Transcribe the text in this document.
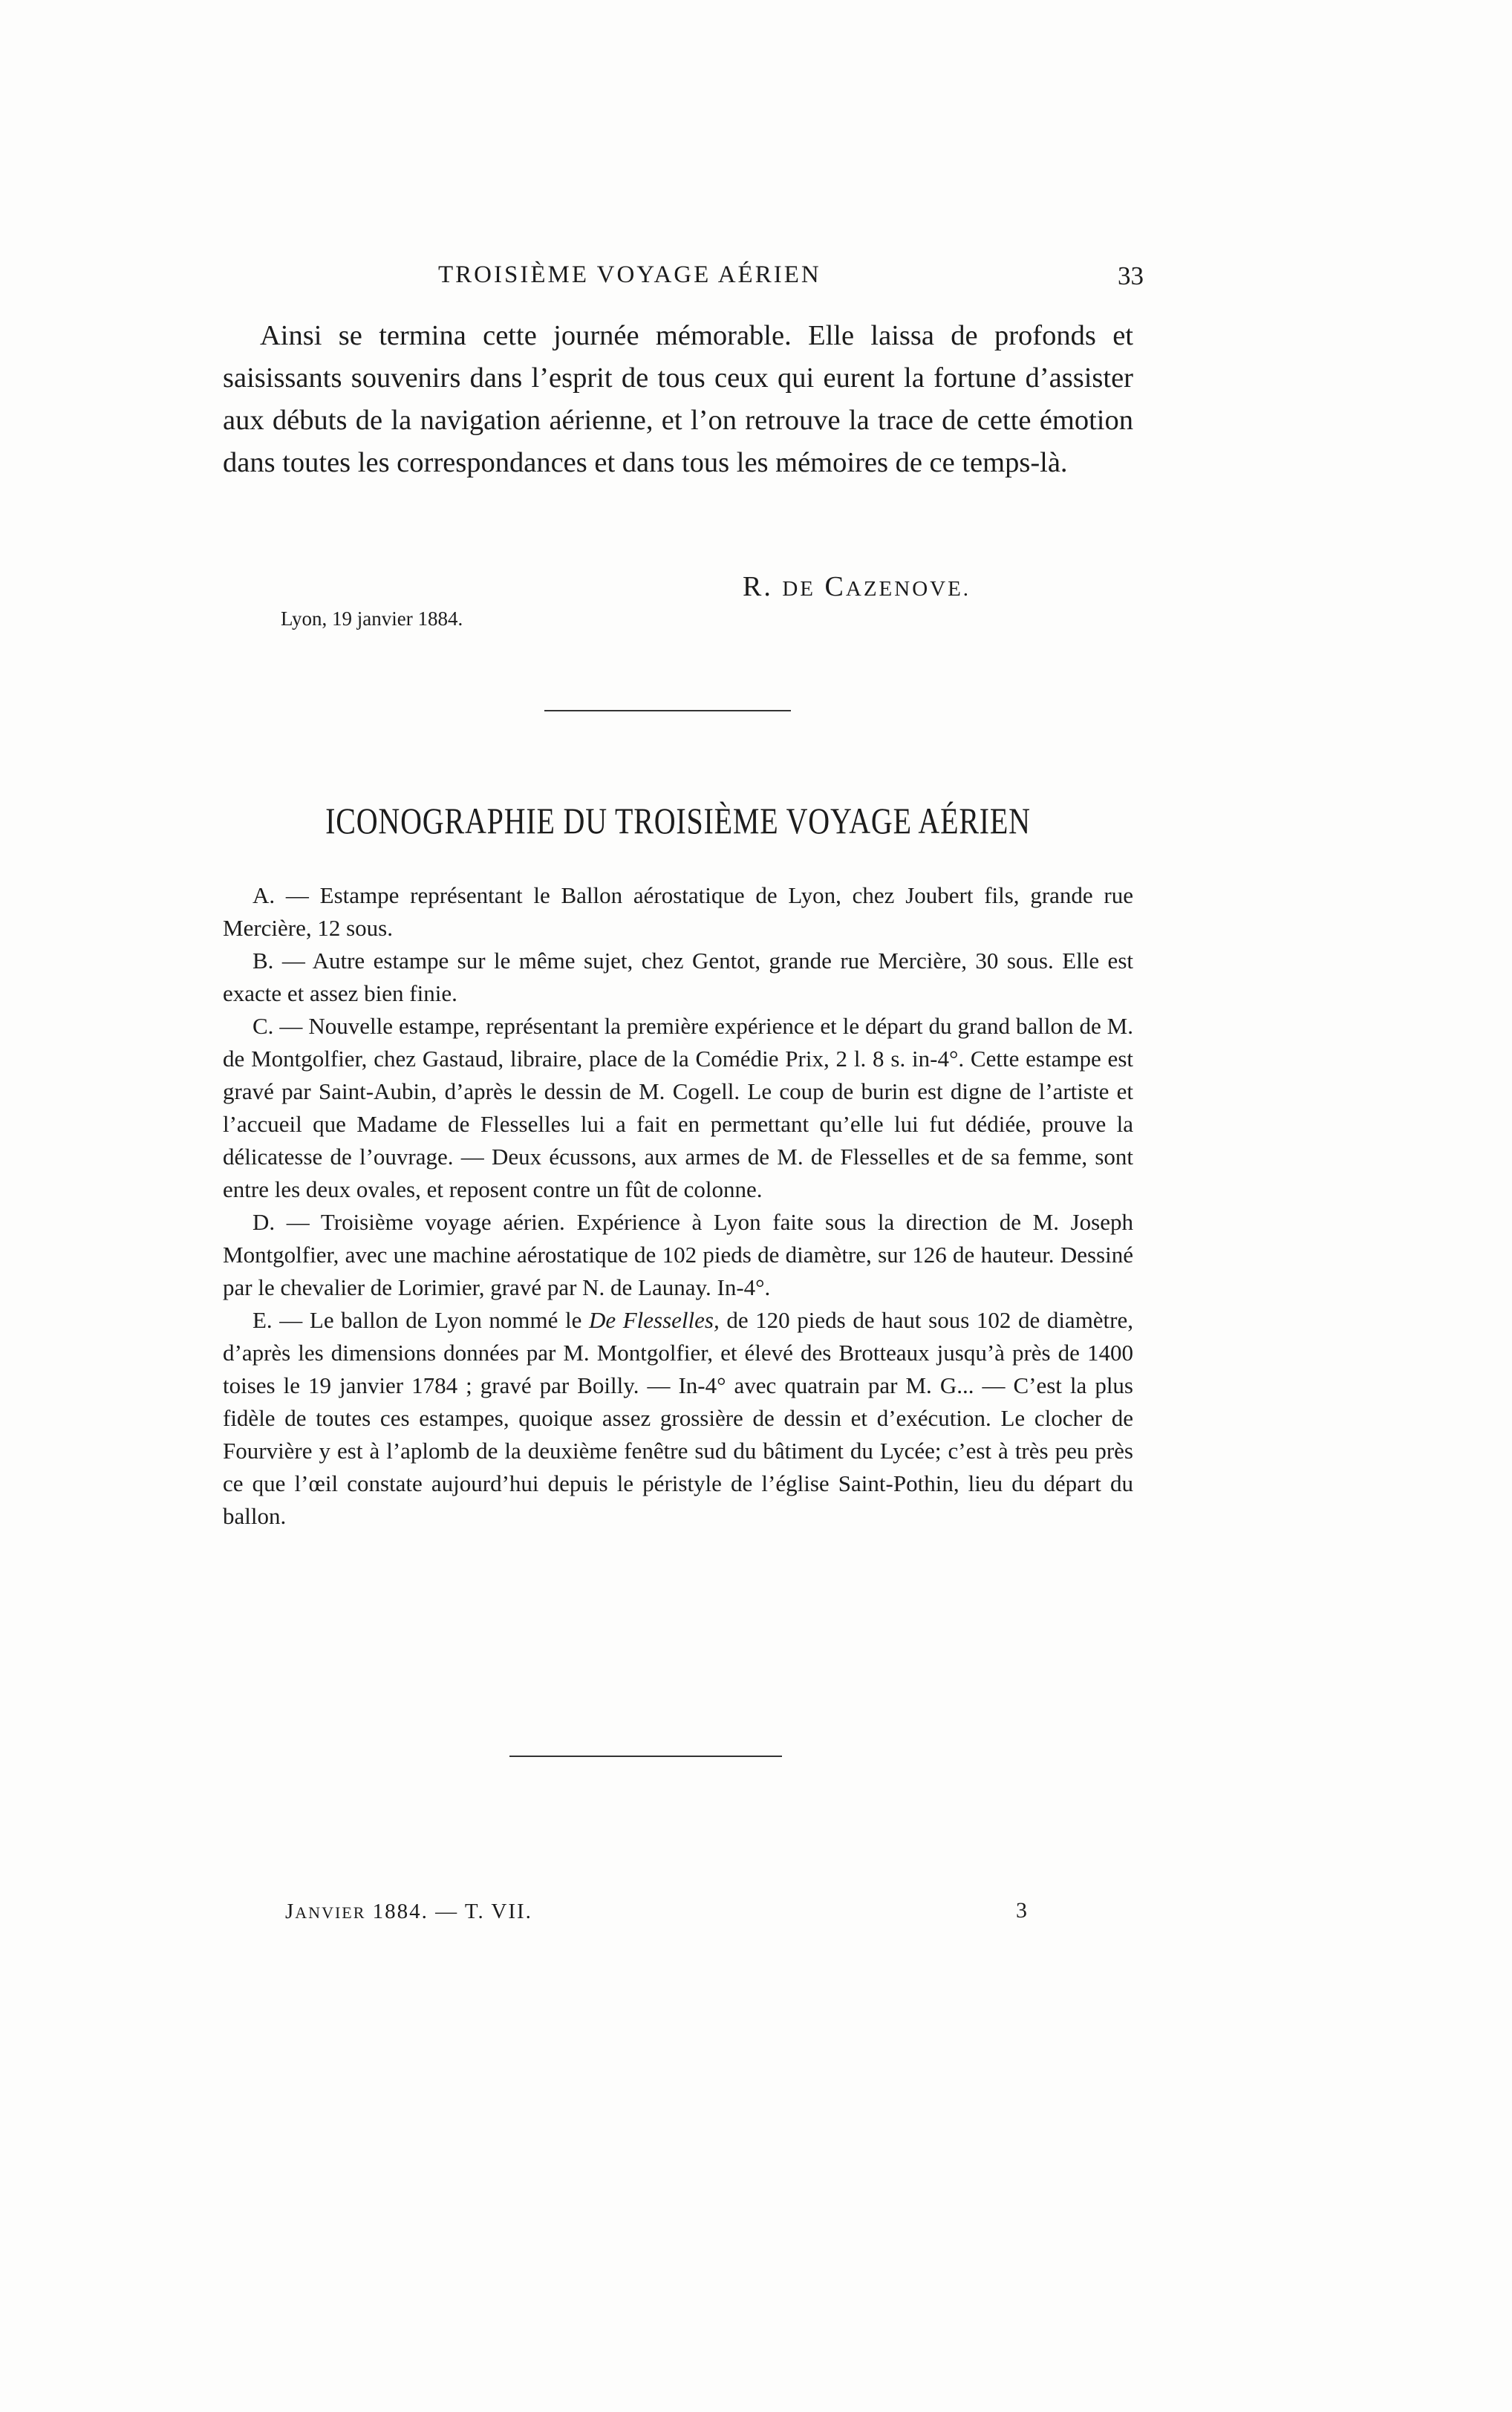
TROISIÈME VOYAGE AÉRIEN	33

Ainsi se termina cette journée mémorable. Elle laissa de profonds et saisissants souvenirs dans l’esprit de tous ceux qui eurent la fortune d’assister aux débuts de la navigation aérienne, et l’on retrouve la trace de cette émotion dans toutes les correspondances et dans tous les mémoires de ce temps-là.

R. DE CAZENOVE.
Lyon, 19 janvier 1884.
ICONOGRAPHIE DU TROISIÈME VOYAGE AÉRIEN

A. — Estampe représentant le Ballon aérostatique de Lyon, chez Joubert fils, grande rue Mercière, 12 sous.

B. — Autre estampe sur le même sujet, chez Gentot, grande rue Mercière, 30 sous. Elle est exacte et assez bien finie.

C. — Nouvelle estampe, représentant la première expérience et le départ du grand ballon de M. de Montgolfier, chez Gastaud, libraire, place de la Comédie Prix, 2 l. 8 s. in-4°. Cette estampe est gravé par Saint-Aubin, d’après le dessin de M. Cogell. Le coup de burin est digne de l’artiste et l’accueil que Madame de Flesselles lui a fait en permettant qu’elle lui fut dédiée, prouve la délicatesse de l’ouvrage. — Deux écussons, aux armes de M. de Flesselles et de sa femme, sont entre les deux ovales, et reposent contre un fût de colonne.

D. — Troisième voyage aérien. Expérience à Lyon faite sous la direction de M. Joseph Montgolfier, avec une machine aérostatique de 102 pieds de diamètre, sur 126 de hauteur. Dessiné par le chevalier de Lorimier, gravé par N. de Launay. In-4°.

E. — Le ballon de Lyon nommé le De Flesselles, de 120 pieds de haut sous 102 de diamètre, d’après les dimensions données par M. Montgolfier, et élevé des Brotteaux jusqu’à près de 1400 toises le 19 janvier 1784 ; gravé par Boilly. — In-4° avec quatrain par M. G... — C’est la plus fidèle de toutes ces estampes, quoique assez grossière de dessin et d’exécution. Le clocher de Fourvière y est à l’aplomb de la deuxième fenêtre sud du bâtiment du Lycée; c’est à très peu près ce que l’œil constate aujourd’hui depuis le péristyle de l’église Saint-Pothin, lieu du départ du ballon.

JANVIER 1884. — T. VII.	3
